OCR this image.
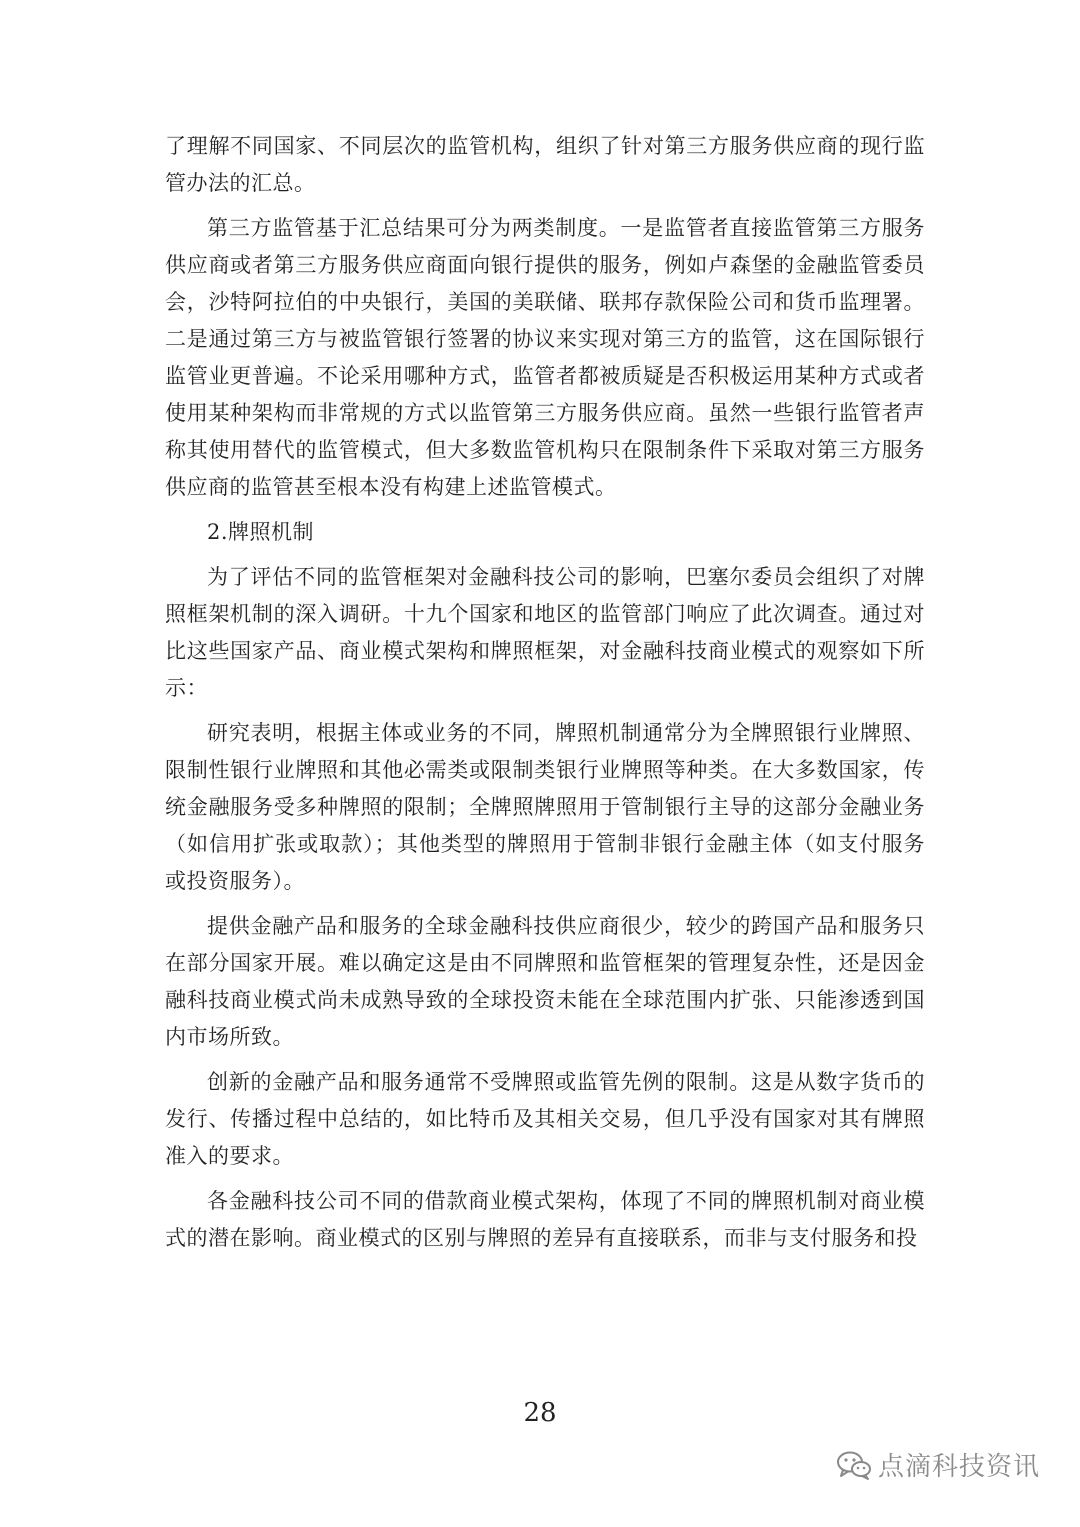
了理解不同国家、不同层次的监管机构，组织了针对第三方服务供应商的现行监管办法的汇总。

第三方监管基于汇总结果可分为两类制度。一是监管者直接监管第三方服务供应商或者第三方服务供应商面向银行提供的服务，例如卢森堡的金融监管委员会，沙特阿拉伯的中央银行，美国的美联储、联邦存款保险公司和货币监理署。二是通过第三方与被监管银行签署的协议来实现对第三方的监管，这在国际银行监管业更普遍。不论采用哪种方式，监管者都被质疑是否积极运用某种方式或者使用某种架构而非常规的方式以监管第三方服务供应商。虽然一些银行监管者声称其使用替代的监管模式，但大多数监管机构只在限制条件下采取对第三方服务供应商的监管甚至根本没有构建上述监管模式。

2.牌照机制

为了评估不同的监管框架对金融科技公司的影响，巴塞尔委员会组织了对牌照框架机制的深入调研。十九个国家和地区的监管部门响应了此次调查。通过对比这些国家产品、商业模式架构和牌照框架，对金融科技商业模式的观察如下所示：

研究表明，根据主体或业务的不同，牌照机制通常分为全牌照银行业牌照、限制性银行业牌照和其他必需类或限制类银行业牌照等种类。在大多数国家，传统金融服务受多种牌照的限制；全牌照牌照用于管制银行主导的这部分金融业务（如信用扩张或取款）；其他类型的牌照用于管制非银行金融主体（如支付服务或投资服务）。

提供金融产品和服务的全球金融科技供应商很少，较少的跨国产品和服务只在部分国家开展。难以确定这是由不同牌照和监管框架的管理复杂性，还是因金融科技商业模式尚未成熟导致的全球投资未能在全球范围内扩张、只能渗透到国内市场所致。

创新的金融产品和服务通常不受牌照或监管先例的限制。这是从数字货币的发行、传播过程中总结的，如比特币及其相关交易，但几乎没有国家对其有牌照准入的要求。

各金融科技公司不同的借款商业模式架构，体现了不同的牌照机制对商业模式的潜在影响。商业模式的区别与牌照的差异有直接联系，而非与支付服务和投

28
点滴科技资讯
